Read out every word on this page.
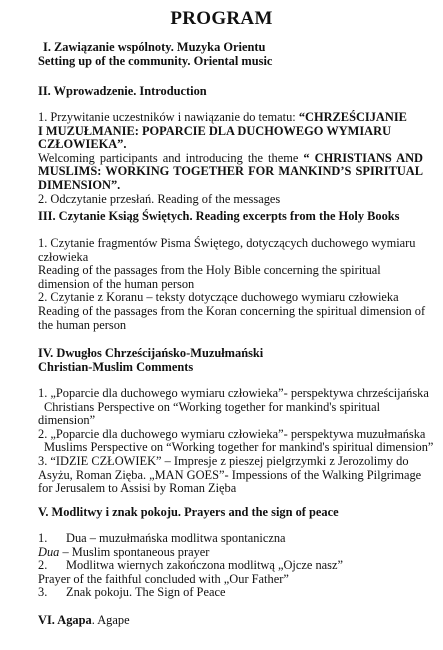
PROGRAM
I. Zawiązanie wspólnoty. Muzyka Orientu
Setting up of the community. Oriental music
II. Wprowadzenie. Introduction
1. Przywitanie uczestników i nawiązanie do tematu: “CHRZEŚCIJANIE
I MUZUŁMANIE: POPARCIE DLA DUCHOWEGO WYMIARU
CZŁOWIEKA”.
Welcoming participants and introducing the theme “ CHRISTIANS AND
MUSLIMS: WORKING TOGETHER FOR MANKIND’S SPIRITUAL
DIMENSION”.
2. Odczytanie przesłań. Reading of the messages
III. Czytanie Ksiąg Świętych. Reading excerpts from the Holy Books
1. Czytanie fragmentów Pisma Świętego, dotyczących duchowego wymiaru
człowieka
Reading of the passages from the Holy Bible concerning the spiritual
dimension of the human person
2. Czytanie z Koranu – teksty dotyczące duchowego wymiaru człowieka
Reading of the passages from the Koran concerning the spiritual dimension of
the human person
IV. Dwugłos Chrześcijańsko-Muzułmański
Christian-Muslim Comments
1. „Poparcie dla duchowego wymiaru człowieka”- perspektywa chrześcijańska
Christians Perspective on “Working together for mankind's spiritual
dimension”
2. „Poparcie dla duchowego wymiaru człowieka”- perspektywa muzułmańska
Muslims Perspective on “Working together for mankind's spiritual dimension”
3. “IDZIE CZŁOWIEK” – Impresje z pieszej pielgrzymki z Jerozolimy do
Asyżu, Roman Zięba. „MAN GOES”- Impessions of the Walking Pilgrimage
for Jerusalem to Assisi by Roman Zięba
V. Modlitwy i znak pokoju. Prayers and the sign of peace
1. Dua – muzułmańska modlitwa spontaniczna
Dua – Muslim spontaneous prayer
2. Modlitwa wiernych zakończona modlitwą „Ojcze nasz”
Prayer of the faithful concluded with „Our Father”
3. Znak pokoju. The Sign of Peace
VI. Agapa. Agape
